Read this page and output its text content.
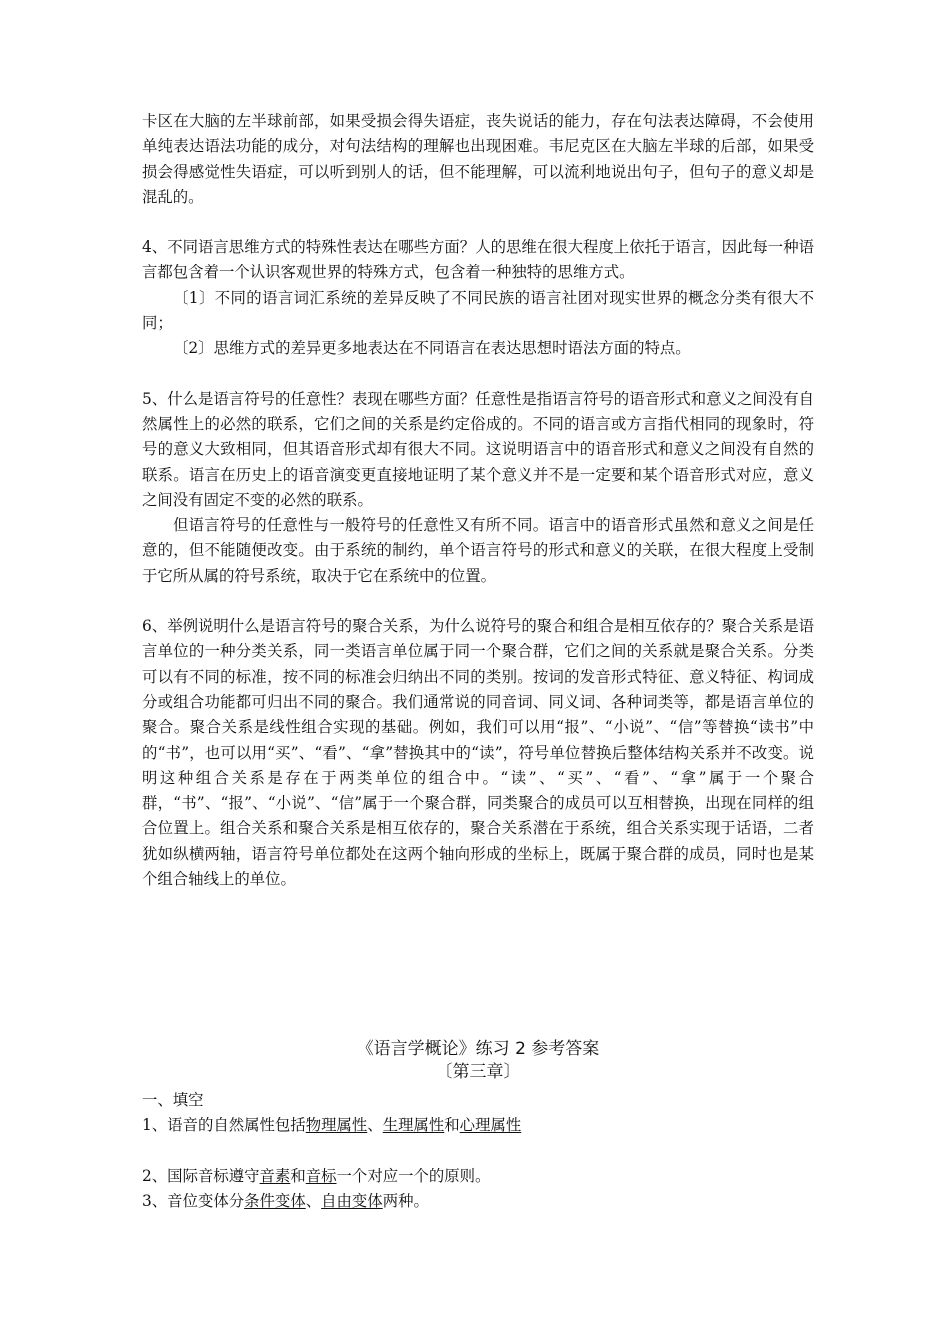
卡区在大脑的左半球前部，如果受损会得失语症，丧失说话的能力，存在句法表达障碍，不会使用单纯表达语法功能的成分，对句法结构的理解也出现困难。韦尼克区在大脑左半球的后部，如果受损会得感觉性失语症，可以听到别人的话，但不能理解，可以流利地说出句子，但句子的意义却是混乱的。

4、不同语言思维方式的特殊性表达在哪些方面？人的思维在很大程度上依托于语言，因此每一种语言都包含着一个认识客观世界的特殊方式，包含着一种独特的思维方式。

〔1〕不同的语言词汇系统的差异反映了不同民族的语言社团对现实世界的概念分类有很大不同；

〔2〕思维方式的差异更多地表达在不同语言在表达思想时语法方面的特点。

5、什么是语言符号的任意性？表现在哪些方面？任意性是指语言符号的语音形式和意义之间没有自然属性上的必然的联系，它们之间的关系是约定俗成的。不同的语言或方言指代相同的现象时，符号的意义大致相同，但其语音形式却有很大不同。这说明语言中的语音形式和意义之间没有自然的联系。语言在历史上的语音演变更直接地证明了某个意义并不是一定要和某个语音形式对应，意义之间没有固定不变的必然的联系。

但语言符号的任意性与一般符号的任意性又有所不同。语言中的语音形式虽然和意义之间是任意的，但不能随便改变。由于系统的制约，单个语言符号的形式和意义的关联，在很大程度上受制于它所从属的符号系统，取决于它在系统中的位置。

6、举例说明什么是语言符号的聚合关系，为什么说符号的聚合和组合是相互依存的？聚合关系是语言单位的一种分类关系，同一类语言单位属于同一个聚合群，它们之间的关系就是聚合关系。分类可以有不同的标准，按不同的标准会归纳出不同的类别。按词的发音形式特征、意义特征、构词成分或组合功能都可归出不同的聚合。我们通常说的同音词、同义词、各种词类等，都是语言单位的聚合。聚合关系是线性组合实现的基础。例如，我们可以用“报”、“小说”、“信”等替换“读书”中的“书”，也可以用“买”、“看”、“拿”替换其中的“读”，符号单位替换后整体结构关系并不改变。说明这种组合关系是存在于两类单位的组合中。“读”、“买”、“看”、“拿”属于一个聚合群，“书”、“报”、“小说”、“信”属于一个聚合群，同类聚合的成员可以互相替换，出现在同样的组合位置上。组合关系和聚合关系是相互依存的，聚合关系潜在于系统，组合关系实现于话语，二者犹如纵横两轴，语言符号单位都处在这两个轴向形成的坐标上，既属于聚合群的成员，同时也是某个组合轴线上的单位。

《语言学概论》练习 2 参考答案
〔第三章〕

一、填空

1、语音的自然属性包括物理属性、生理属性和心理属性

2、国际音标遵守音素和音标一个对应一个的原则。

3、音位变体分条件变体、自由变体两种。
